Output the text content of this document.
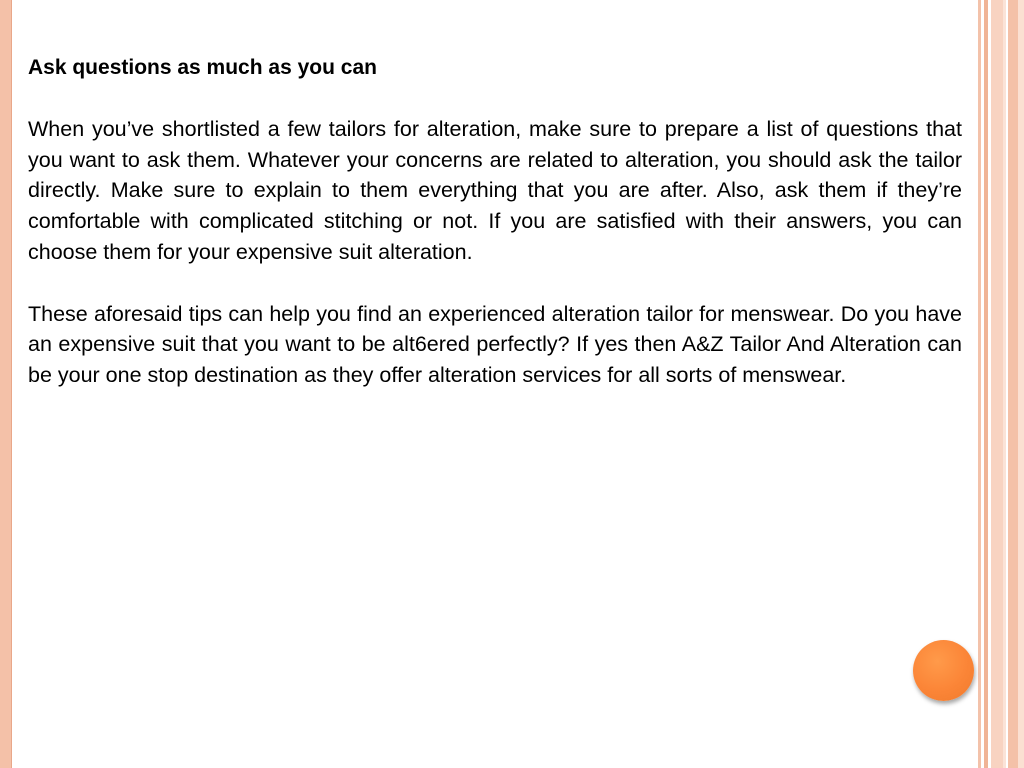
Ask questions as much as you can

When you’ve shortlisted a few tailors for alteration, make sure to prepare a list of questions that you want to ask them. Whatever your concerns are related to alteration, you should ask the tailor directly. Make sure to explain to them everything that you are after. Also, ask them if they’re comfortable with complicated stitching or not. If you are satisfied with their answers, you can choose them for your expensive suit alteration.

These aforesaid tips can help you find an experienced alteration tailor for menswear. Do you have an expensive suit that you want to be alt6ered perfectly? If yes then A&Z Tailor And Alteration can be your one stop destination as they offer alteration services for all sorts of menswear.
